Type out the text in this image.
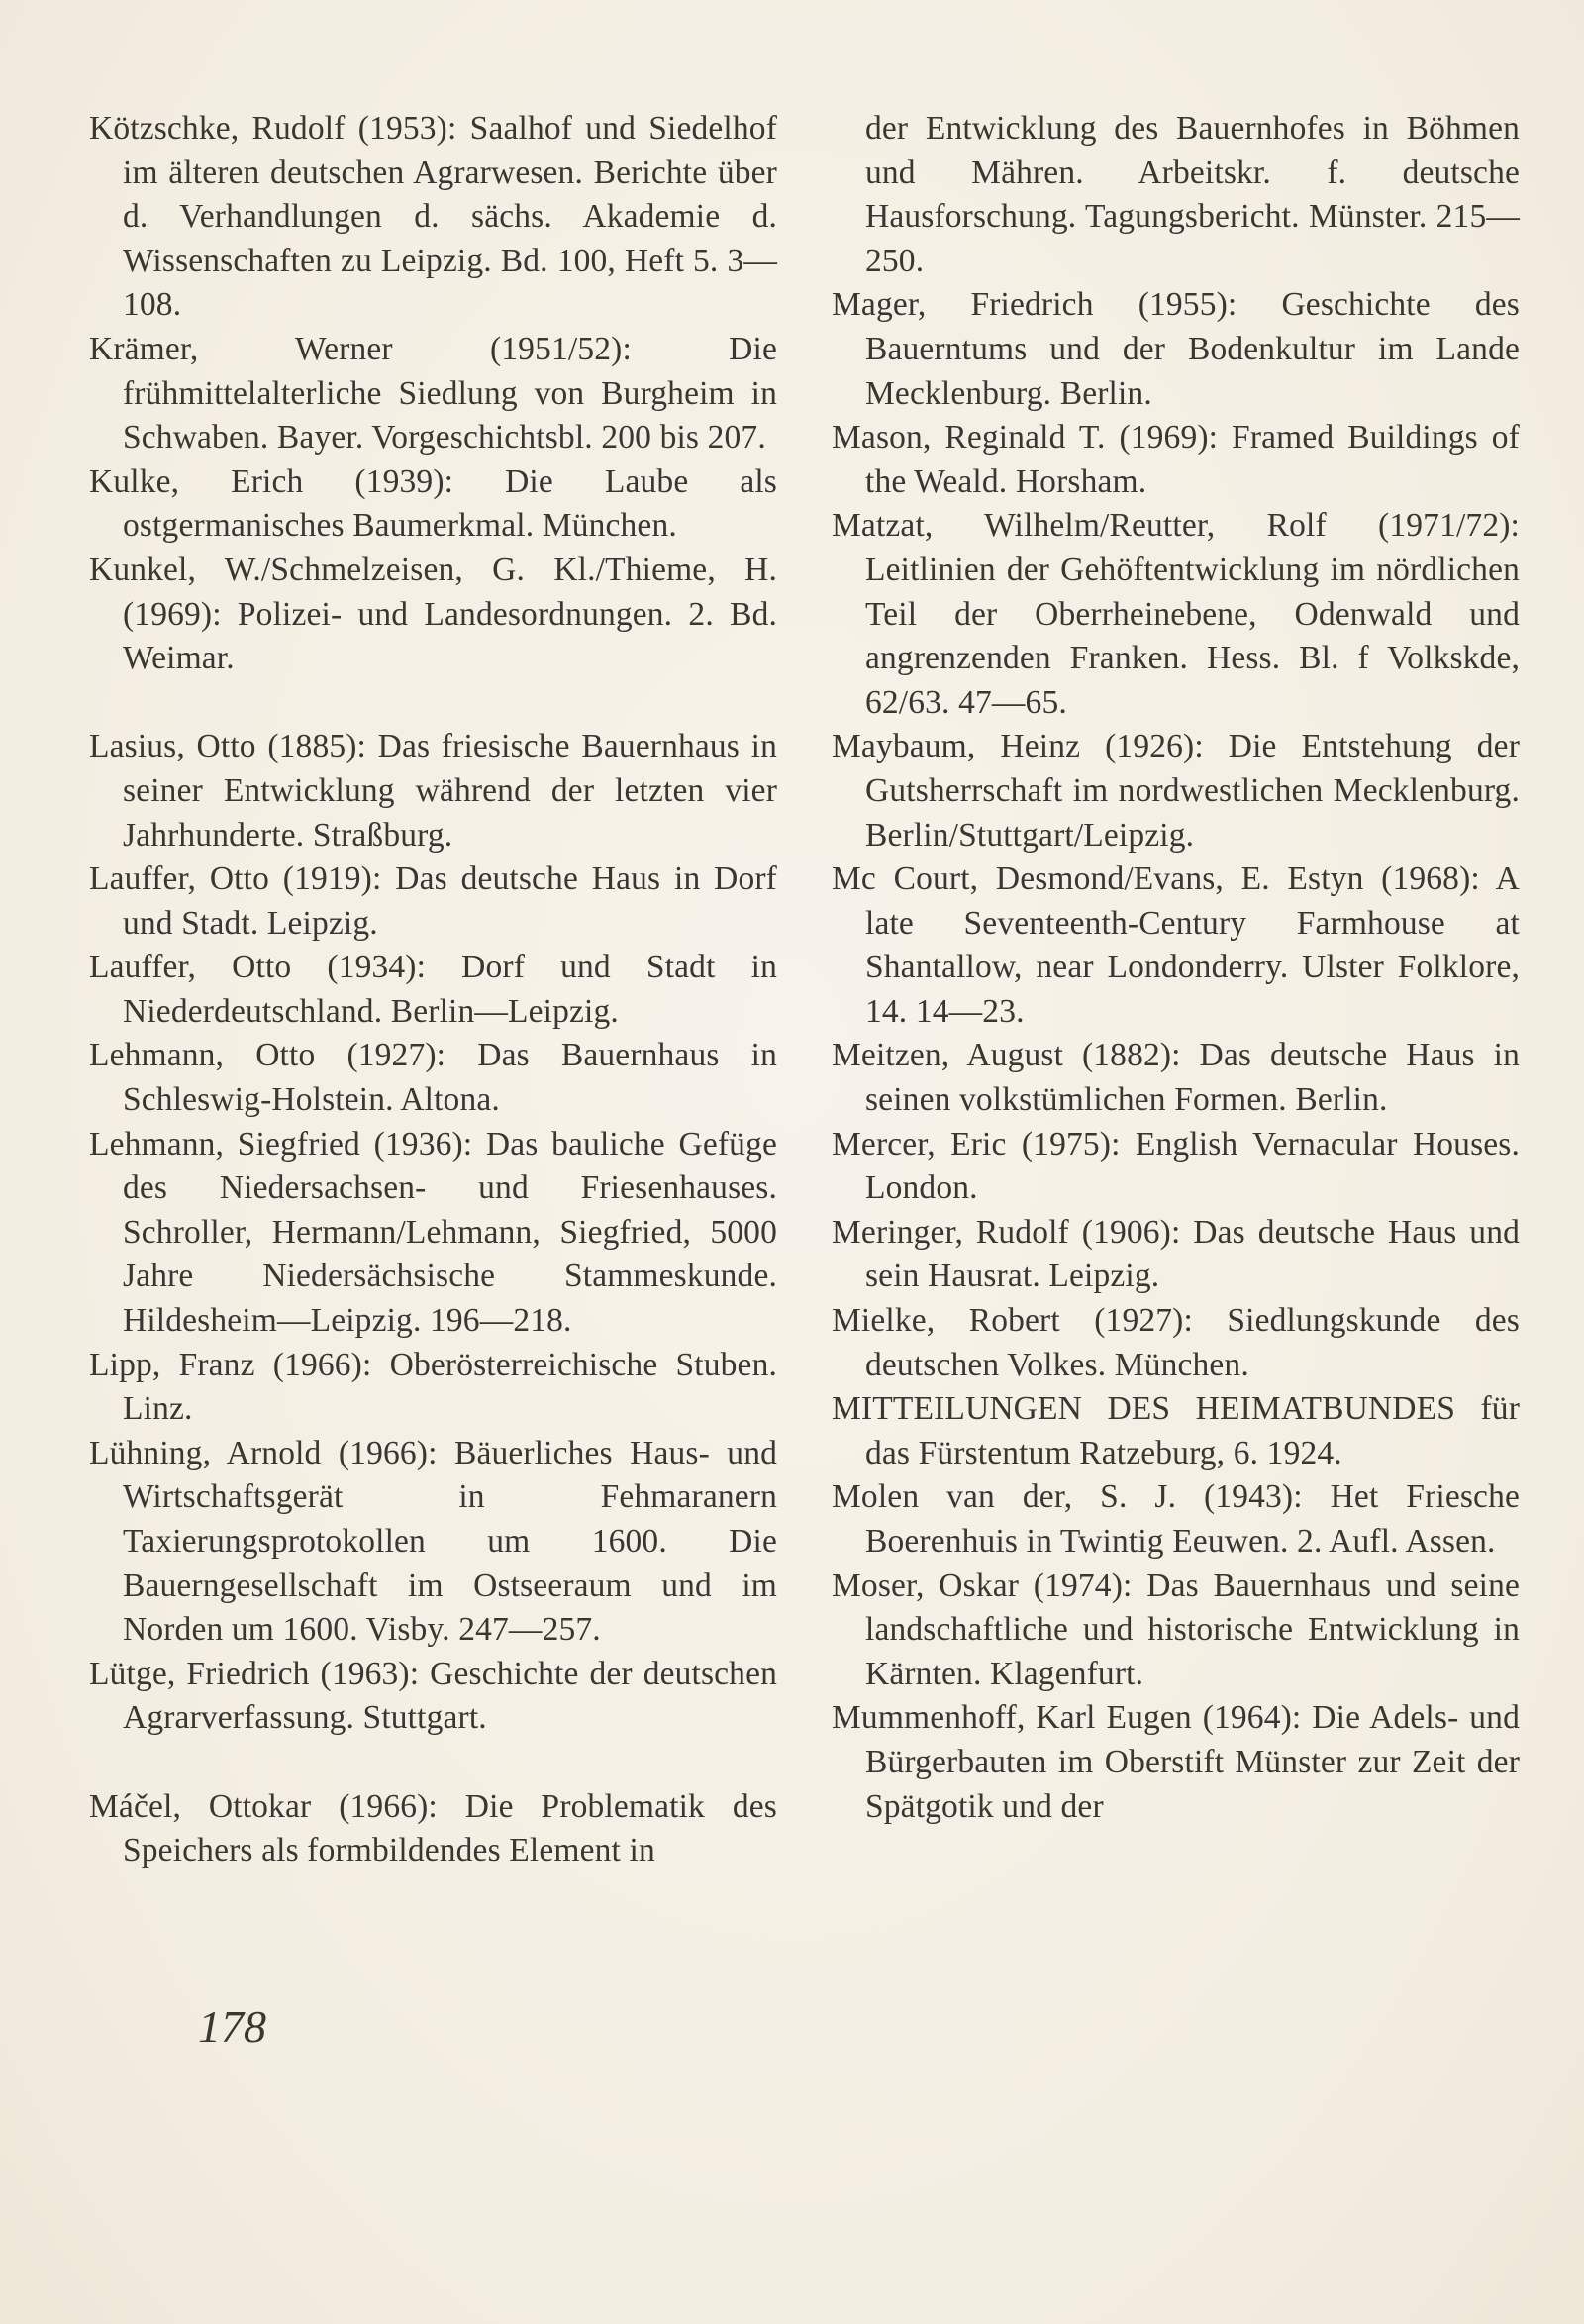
Kötzschke, Rudolf (1953): Saalhof und Siedelhof im älteren deutschen Agrarwesen. Berichte über d. Verhandlungen d. sächs. Akademie d. Wissenschaften zu Leipzig. Bd. 100, Heft 5. 3—108.

Krämer, Werner (1951/52): Die frühmittelalterliche Siedlung von Burgheim in Schwaben. Bayer. Vorgeschichtsbl. 200 bis 207.

Kulke, Erich (1939): Die Laube als ostgermanisches Baumerkmal. München.

Kunkel, W./Schmelzeisen, G. Kl./Thieme, H. (1969): Polizei- und Landesordnungen. 2. Bd. Weimar.

Lasius, Otto (1885): Das friesische Bauernhaus in seiner Entwicklung während der letzten vier Jahrhunderte. Straßburg.

Lauffer, Otto (1919): Das deutsche Haus in Dorf und Stadt. Leipzig.

Lauffer, Otto (1934): Dorf und Stadt in Niederdeutschland. Berlin—Leipzig.

Lehmann, Otto (1927): Das Bauernhaus in Schleswig-Holstein. Altona.

Lehmann, Siegfried (1936): Das bauliche Gefüge des Niedersachsen- und Friesenhauses. Schroller, Hermann/Lehmann, Siegfried, 5000 Jahre Niedersächsische Stammeskunde. Hildesheim—Leipzig. 196—218.

Lipp, Franz (1966): Oberösterreichische Stuben. Linz.

Lühning, Arnold (1966): Bäuerliches Haus- und Wirtschaftsgerät in Fehmaranern Taxierungsprotokollen um 1600. Die Bauerngesellschaft im Ostseeraum und im Norden um 1600. Visby. 247—257.

Lütge, Friedrich (1963): Geschichte der deutschen Agrarverfassung. Stuttgart.

Máčel, Ottokar (1966): Die Problematik des Speichers als formbildendes Element in

der Entwicklung des Bauernhofes in Böhmen und Mähren. Arbeitskr. f. deutsche Hausforschung. Tagungsbericht. Münster. 215—250.

Mager, Friedrich (1955): Geschichte des Bauerntums und der Bodenkultur im Lande Mecklenburg. Berlin.

Mason, Reginald T. (1969): Framed Buildings of the Weald. Horsham.

Matzat, Wilhelm/Reutter, Rolf (1971/72): Leitlinien der Gehöftentwicklung im nördlichen Teil der Oberrheinebene, Odenwald und angrenzenden Franken. Hess. Bl. f Volkskde, 62/63. 47—65.

Maybaum, Heinz (1926): Die Entstehung der Gutsherrschaft im nordwestlichen Mecklenburg. Berlin/Stuttgart/Leipzig.

Mc Court, Desmond/Evans, E. Estyn (1968): A late Seventeenth-Century Farmhouse at Shantallow, near Londonderry. Ulster Folklore, 14. 14—23.

Meitzen, August (1882): Das deutsche Haus in seinen volkstümlichen Formen. Berlin.

Mercer, Eric (1975): English Vernacular Houses. London.

Meringer, Rudolf (1906): Das deutsche Haus und sein Hausrat. Leipzig.

Mielke, Robert (1927): Siedlungskunde des deutschen Volkes. München.

MITTEILUNGEN DES HEIMATBUNDES für das Fürstentum Ratzeburg, 6. 1924.

Molen van der, S. J. (1943): Het Friesche Boerenhuis in Twintig Eeuwen. 2. Aufl. Assen.

Moser, Oskar (1974): Das Bauernhaus und seine landschaftliche und historische Entwicklung in Kärnten. Klagenfurt.

Mummenhoff, Karl Eugen (1964): Die Adels- und Bürgerbauten im Oberstift Münster zur Zeit der Spätgotik und der

178
